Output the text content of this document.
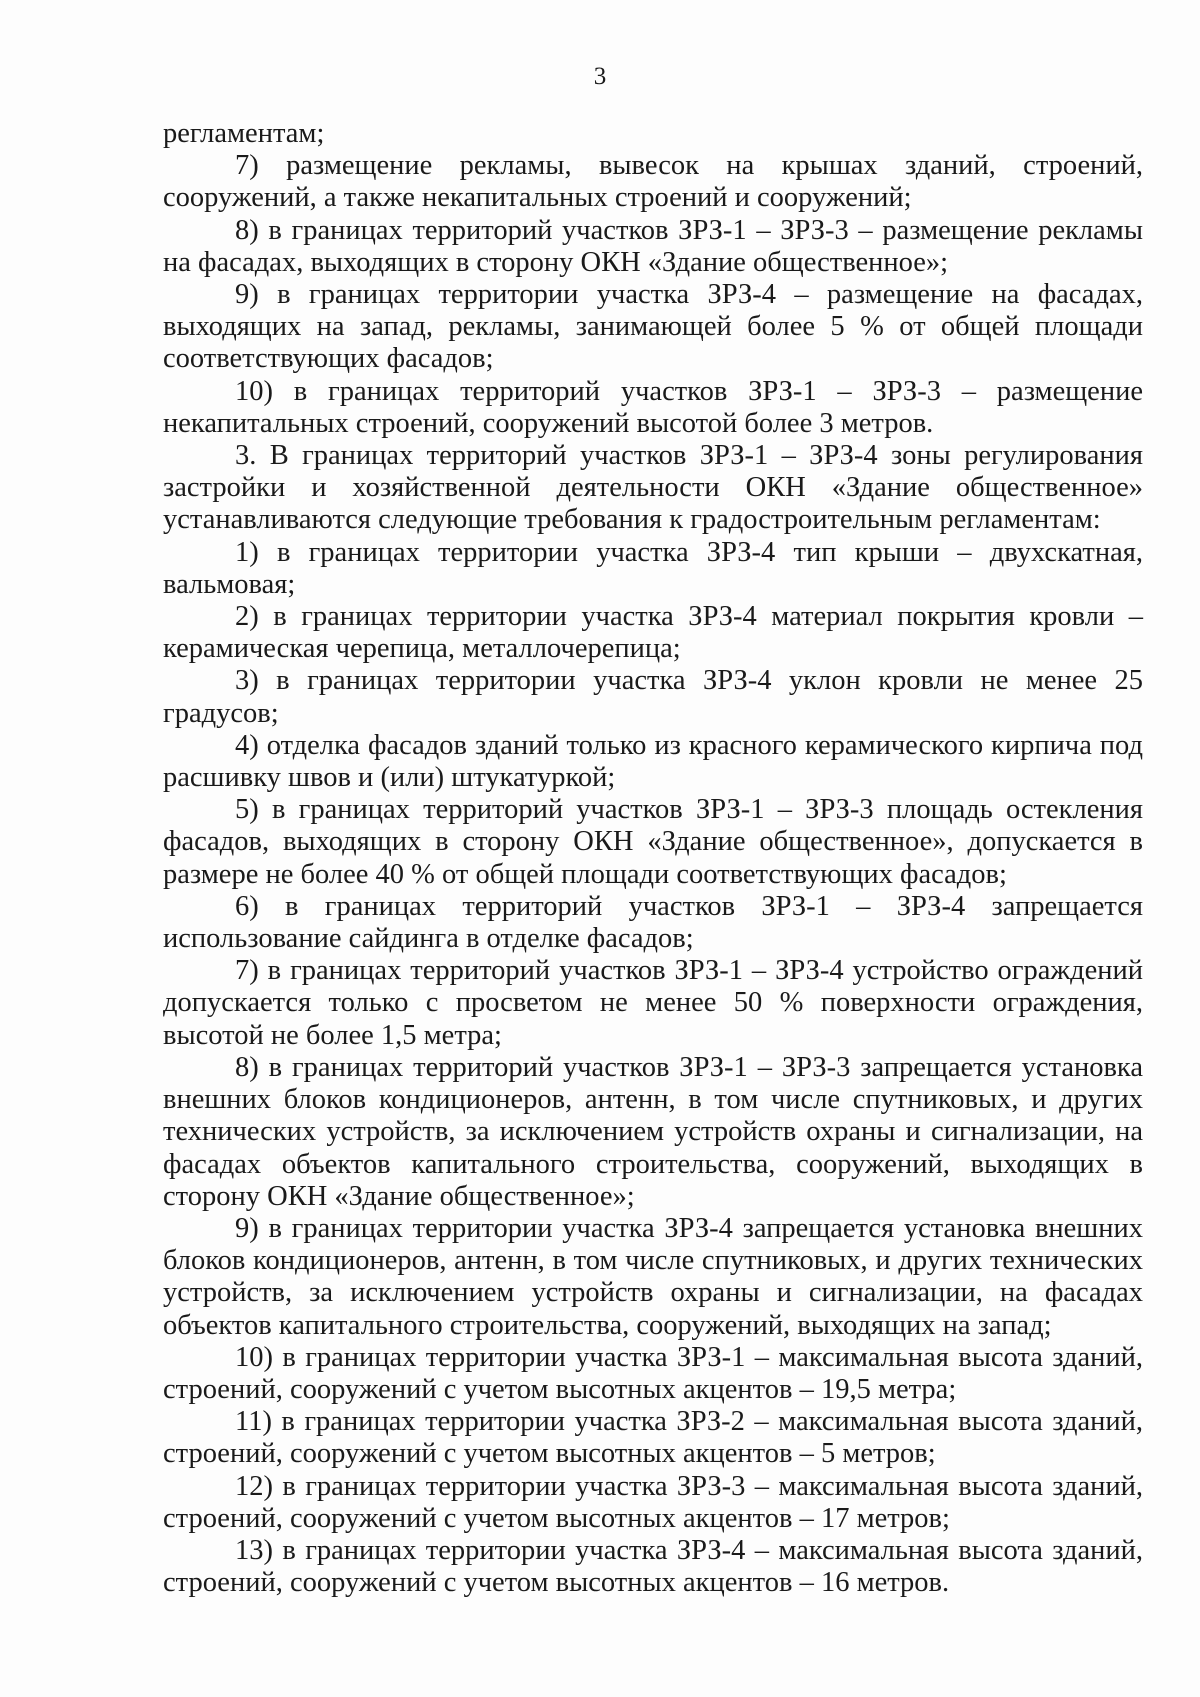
3

регламентам;

7) размещение рекламы, вывесок на крышах зданий, строений, сооружений, а также некапитальных строений и сооружений;

8) в границах территорий участков ЗРЗ-1 – ЗРЗ-3 – размещение рекламы на фасадах, выходящих в сторону ОКН «Здание общественное»;

9) в границах территории участка ЗРЗ-4 – размещение на фасадах, выходящих на запад, рекламы, занимающей более 5 % от общей площади соответствующих фасадов;

10) в границах территорий участков ЗРЗ-1 – ЗРЗ-3 – размещение некапитальных строений, сооружений высотой более 3 метров.

3. В границах территорий участков ЗРЗ-1 – ЗРЗ-4 зоны регулирования застройки и хозяйственной деятельности ОКН «Здание общественное» устанавливаются следующие требования к градостроительным регламентам:

1) в границах территории участка ЗРЗ-4 тип крыши – двухскатная, вальмовая;

2) в границах территории участка ЗРЗ-4 материал покрытия кровли – керамическая черепица, металлочерепица;

3) в границах территории участка ЗРЗ-4 уклон кровли не менее 25 градусов;

4) отделка фасадов зданий только из красного керамического кирпича под расшивку швов и (или) штукатуркой;

5) в границах территорий участков ЗРЗ-1 – ЗРЗ-3 площадь остекления фасадов, выходящих в сторону ОКН «Здание общественное», допускается в размере не более 40 % от общей площади соответствующих фасадов;

6) в границах территорий участков ЗРЗ-1 – ЗРЗ-4 запрещается использование сайдинга в отделке фасадов;

7) в границах территорий участков ЗРЗ-1 – ЗРЗ-4 устройство ограждений допускается только с просветом не менее 50 % поверхности ограждения, высотой не более 1,5 метра;

8) в границах территорий участков ЗРЗ-1 – ЗРЗ-3 запрещается установка внешних блоков кондиционеров, антенн, в том числе спутниковых, и других технических устройств, за исключением устройств охраны и сигнализации, на фасадах объектов капитального строительства, сооружений, выходящих в сторону ОКН «Здание общественное»;

9) в границах территории участка ЗРЗ-4 запрещается установка внешних блоков кондиционеров, антенн, в том числе спутниковых, и других технических устройств, за исключением устройств охраны и сигнализации, на фасадах объектов капитального строительства, сооружений, выходящих на запад;

10) в границах территории участка ЗРЗ-1 – максимальная высота зданий, строений, сооружений с учетом высотных акцентов – 19,5 метра;

11) в границах территории участка ЗРЗ-2 – максимальная высота зданий, строений, сооружений с учетом высотных акцентов – 5 метров;

12) в границах территории участка ЗРЗ-3 – максимальная высота зданий, строений, сооружений с учетом высотных акцентов – 17 метров;

13) в границах территории участка ЗРЗ-4 – максимальная высота зданий, строений, сооружений с учетом высотных акцентов – 16 метров.
